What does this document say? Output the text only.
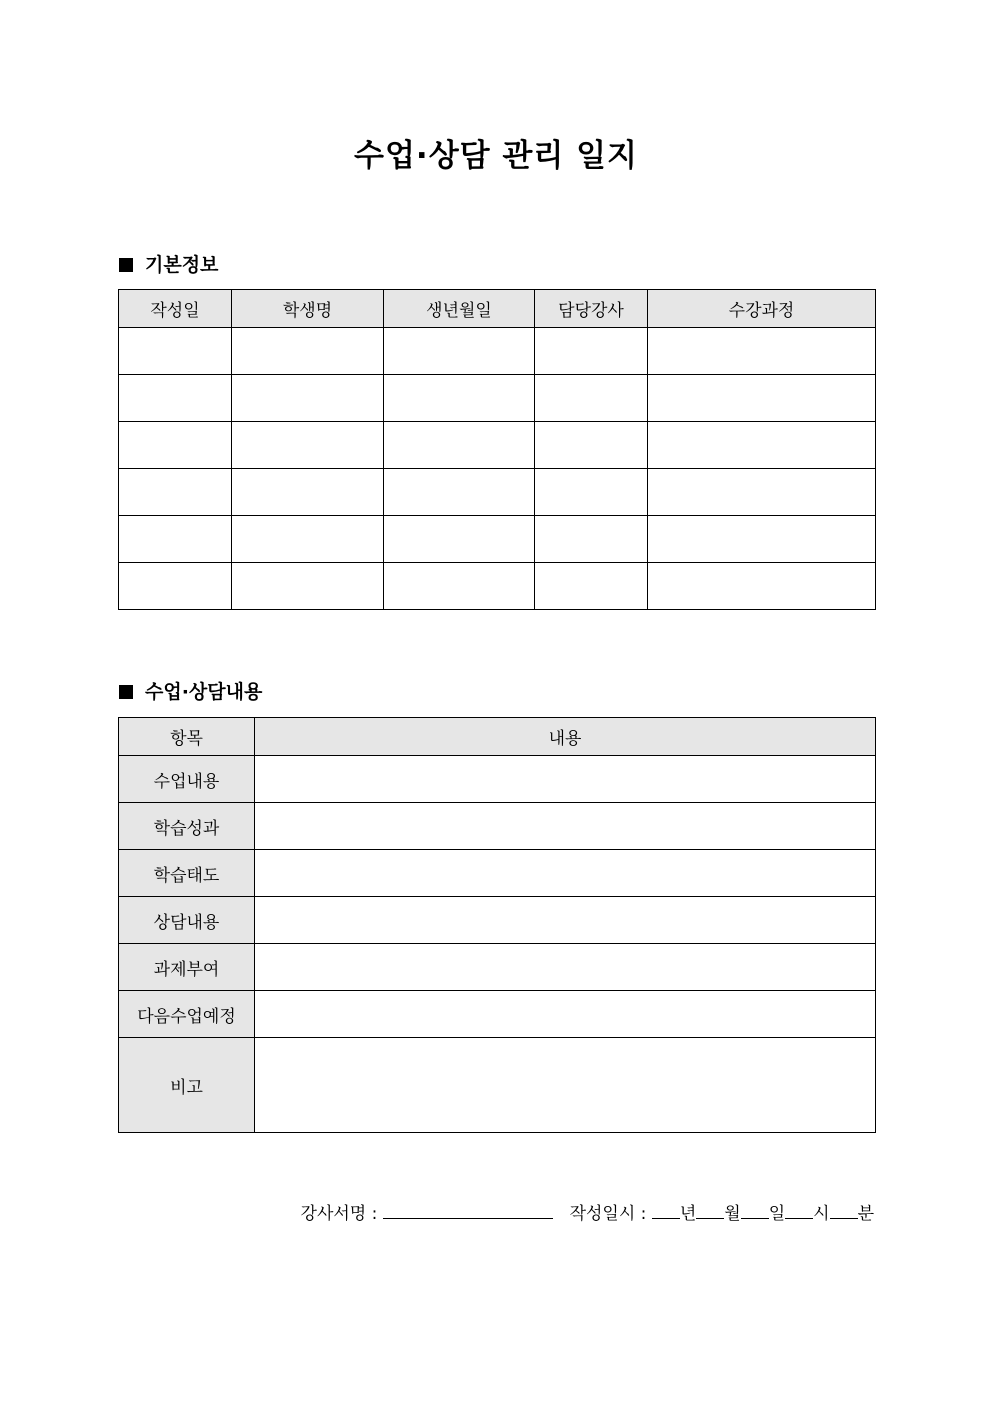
수업·상담 관리 일지
기본정보
작성일	학생명	생년월일	담당강사	수강과정

수업·상담내용
항목	내용
수업내용	
학습성과	
학습태도	
상담내용	
과제부여	
다음수업예정	
비고	
강사서명 :	작성일시 : 년 월 일 시 분
